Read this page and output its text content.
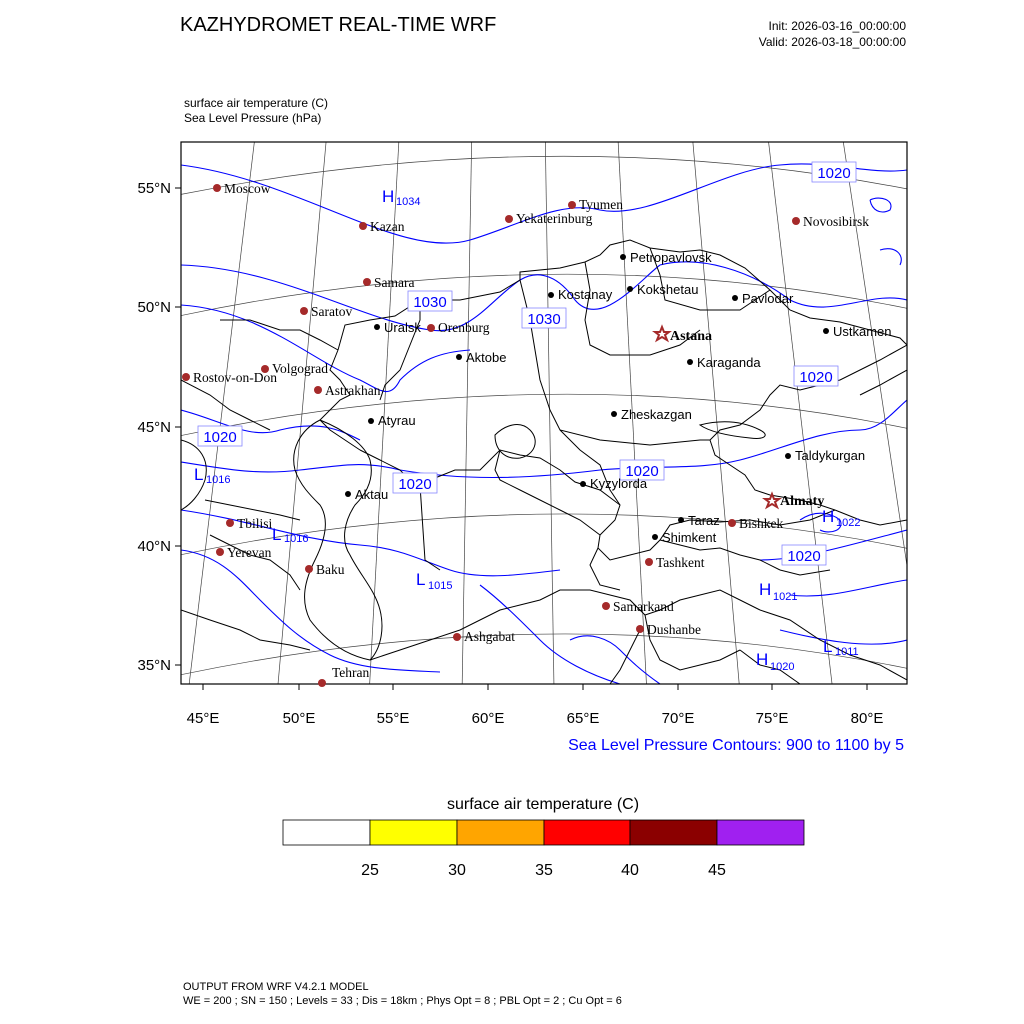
KAZHYDROMET REAL-TIME WRF	Init: 2026-03-16_00:00:00
Valid: 2026-03-18_00:00:00
surface air temperature (C)
Sea Level Pressure (hPa)
45°E	50°E	55°E	60°E	65°E	70°E	75°E	80°E
55°N
50°N
45°N
40°N
35°N
1020
1030
1030
1020
1020
1020
1020
1020
H 1034
L 1016
L 1016
L 1015
H 1022
H 1021
L 1011
H 1020
Moscow
Kazan
Yekaterinburg
Tyumen
Novosibirsk
Samara
Saratov
Orenburg
Volgograd
Rostov-on-Don
Astrakhan
Tbilisi
Yerevan
Baku
Tehran
Ashgabat
Samarkand
Dushanbe
Tashkent
Bishkek
Petropavlovsk
Kostanay Kokshetau
Pavlodar
Uralsk
Aktobe	Karaganda
Ustkamen
Atyrau	Zheskazgan
Taldykurgan
Aktau
Kyzylorda
Taraz
Shimkent
Astana
Almaty
Sea Level Pressure Contours: 900 to 1100 by 5
surface air temperature (C)
25	30	35	40	45
OUTPUT FROM WRF V4.2.1 MODEL
WE = 200 ; SN = 150 ; Levels = 33 ; Dis = 18km ; Phys Opt = 8 ; PBL Opt = 2 ; Cu Opt = 6
